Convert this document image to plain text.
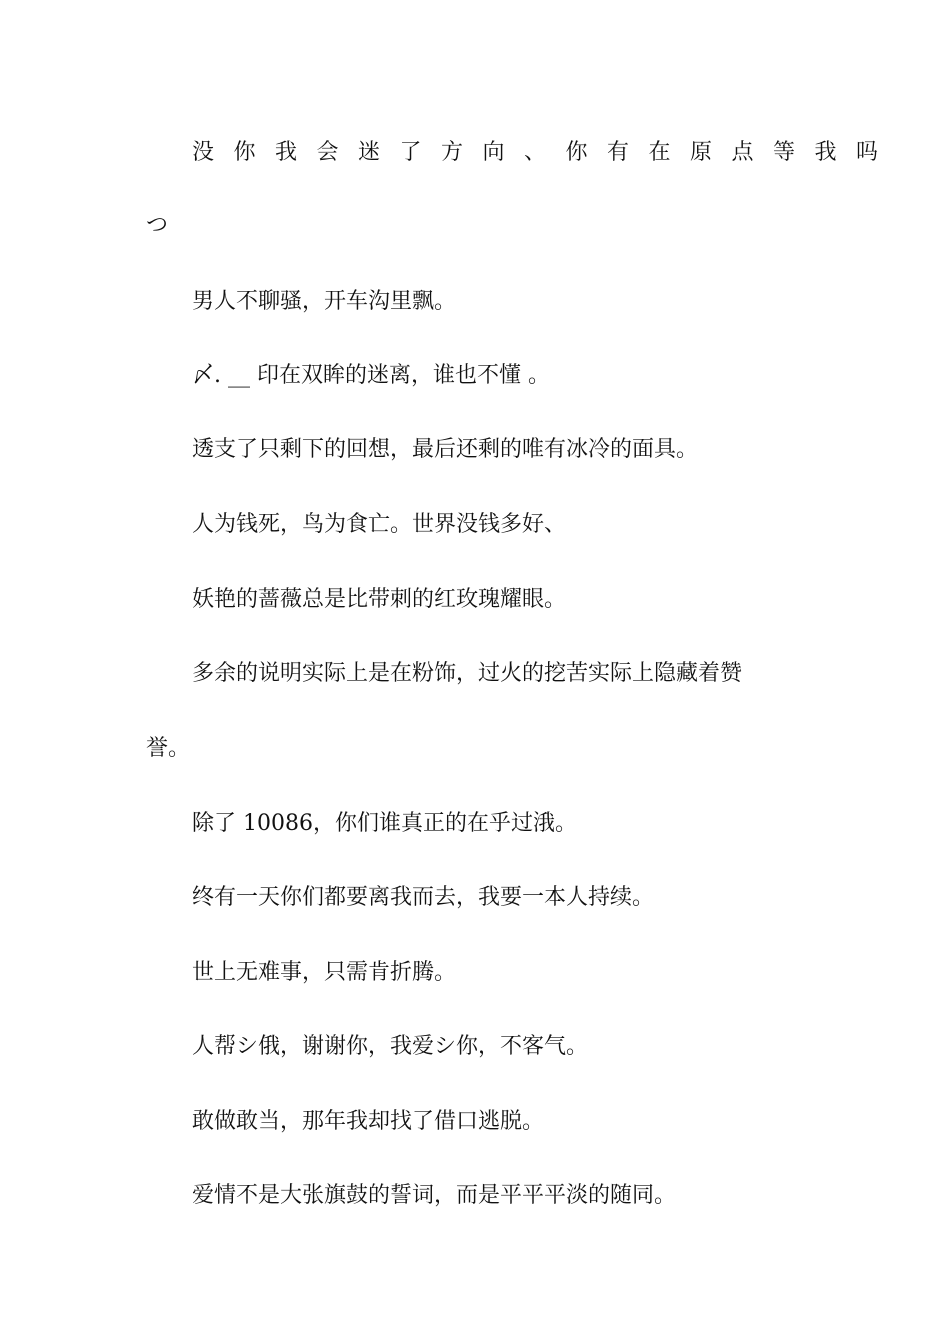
没你我会迷了方向、你有在原点等我吗
つ
男人不聊骚，开车沟里飘。
〆. __ 印在双眸的迷离，谁也不懂 。
透支了只剩下的回想，最后还剩的唯有冰冷的面具。
人为钱死，鸟为食亡。世界没钱多好、
妖艳的蔷薇总是比带刺的红玫瑰耀眼。
多余的说明实际上是在粉饰，过火的挖苦实际上隐藏着赞
誉。
除了 10086，你们谁真正的在乎过涐。
终有一天你们都要离我而去，我要一本人持续。
世上无难事，只需肯折腾。
人帮シ俄，谢谢你，我爱シ你，不客气。
敢做敢当，那年我却找了借口逃脱。
爱情不是大张旗鼓的誓词，而是平平平淡的随同。
